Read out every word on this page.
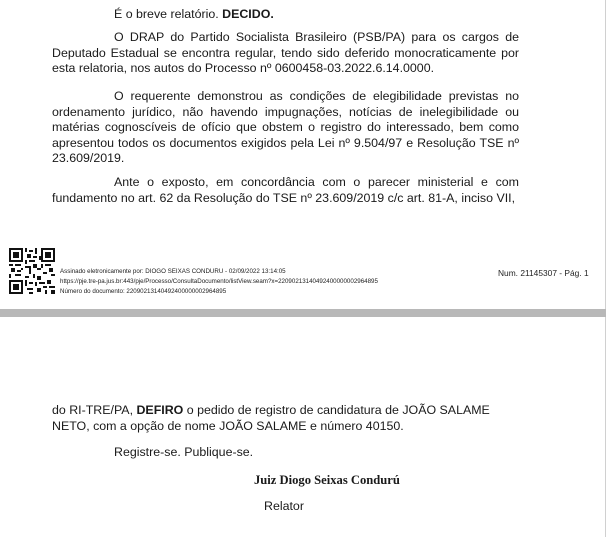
É o breve relatório. DECIDO.

O DRAP do Partido Socialista Brasileiro (PSB/PA) para os cargos de Deputado Estadual se encontra regular, tendo sido deferido monocraticamente por esta relatoria, nos autos do Processo nº 0600458-03.2022.6.14.0000.

O requerente demonstrou as condições de elegibilidade previstas no ordenamento jurídico, não havendo impugnações, notícias de inelegibilidade ou matérias cognoscíveis de ofício que obstem o registro do interessado, bem como apresentou todos os documentos exigidos pela Lei nº 9.504/97 e Resolução TSE nº 23.609/2019.

Ante o exposto, em concordância com o parecer ministerial e com fundamento no art. 62 da Resolução do TSE nº 23.609/2019 c/c art. 81-A, inciso VII,

Assinado eletronicamente por: DIOGO SEIXAS CONDURU - 02/09/2022 13:14:05
https://pje.tre-pa.jus.br:443/pje/Processo/ConsultaDocumento/listView.seam?x=22090213140492400000002964895
Número do documento: 22090213140492400000002964895
Num. 21145307 - Pág. 1
do RI-TRE/PA, DEFIRO o pedido de registro de candidatura de JOÃO SALAME
NETO, com a opção de nome JOÃO SALAME e número 40150.
Registre-se. Publique-se.
Juiz Diogo Seixas Condurú
Relator
